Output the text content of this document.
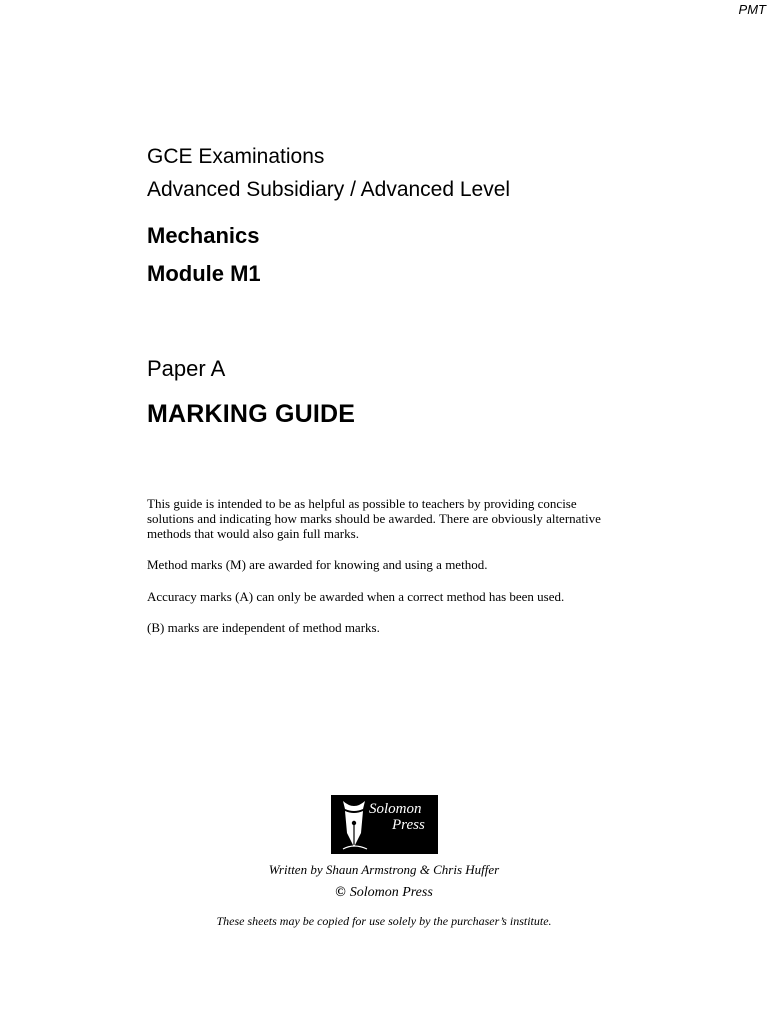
PMT
GCE Examinations
Advanced Subsidiary / Advanced Level
Mechanics
Module M1
Paper A
MARKING GUIDE
This guide is intended to be as helpful as possible to teachers by providing concise solutions and indicating how marks should be awarded. There are obviously alternative methods that would also gain full marks.
Method marks (M) are awarded for knowing and using a method.
Accuracy marks (A) can only be awarded when a correct method has been used.
(B) marks are independent of method marks.
Solomon
Press
Written by Shaun Armstrong & Chris Huffer
© Solomon Press
These sheets may be copied for use solely by the purchaser’s institute.
